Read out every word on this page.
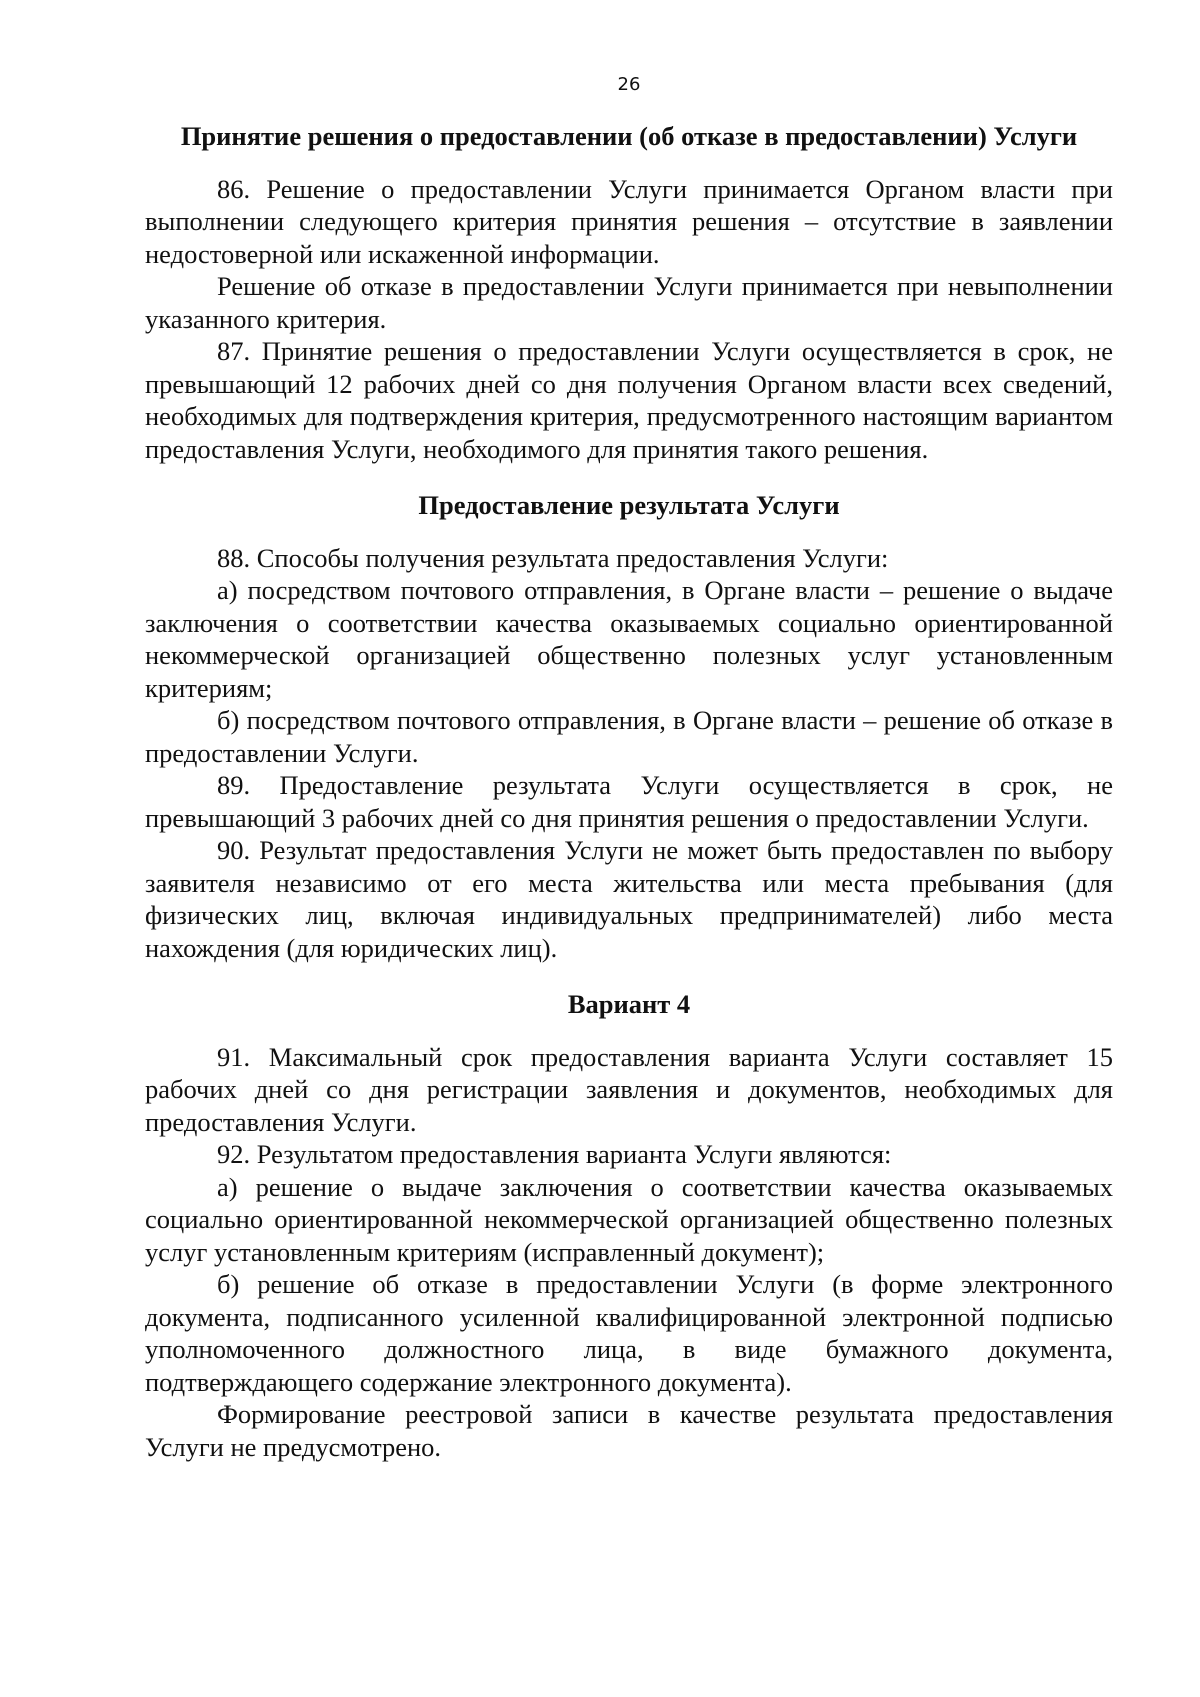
26
Принятие решения о предоставлении (об отказе в предоставлении) Услуги

86. Решение о предоставлении Услуги принимается Органом власти при выполнении следующего критерия принятия решения – отсутствие в заявлении недостоверной или искаженной информации.

Решение об отказе в предоставлении Услуги принимается при невыполнении указанного критерия.

87. Принятие решения о предоставлении Услуги осуществляется в срок, не превышающий 12 рабочих дней со дня получения Органом власти всех сведений, необходимых для подтверждения критерия, предусмотренного настоящим вариантом предоставления Услуги, необходимого для принятия такого решения.

Предоставление результата Услуги

88. Способы получения результата предоставления Услуги:

а) посредством почтового отправления, в Органе власти – решение о выдаче заключения о соответствии качества оказываемых социально ориентированной некоммерческой организацией общественно полезных услуг установленным критериям;

б) посредством почтового отправления, в Органе власти – решение об отказе в предоставлении Услуги.

89. Предоставление результата Услуги осуществляется в срок, не превышающий 3 рабочих дней со дня принятия решения о предоставлении Услуги.

90. Результат предоставления Услуги не может быть предоставлен по выбору заявителя независимо от его места жительства или места пребывания (для физических лиц, включая индивидуальных предпринимателей) либо места нахождения (для юридических лиц).

Вариант 4

91. Максимальный срок предоставления варианта Услуги составляет 15 рабочих дней со дня регистрации заявления и документов, необходимых для предоставления Услуги.

92. Результатом предоставления варианта Услуги являются:

а) решение о выдаче заключения о соответствии качества оказываемых социально ориентированной некоммерческой организацией общественно полезных услуг установленным критериям (исправленный документ);

б) решение об отказе в предоставлении Услуги (в форме электронного документа, подписанного усиленной квалифицированной электронной подписью уполномоченного должностного лица, в виде бумажного документа, подтверждающего содержание электронного документа).

Формирование реестровой записи в качестве результата предоставления Услуги не предусмотрено.
